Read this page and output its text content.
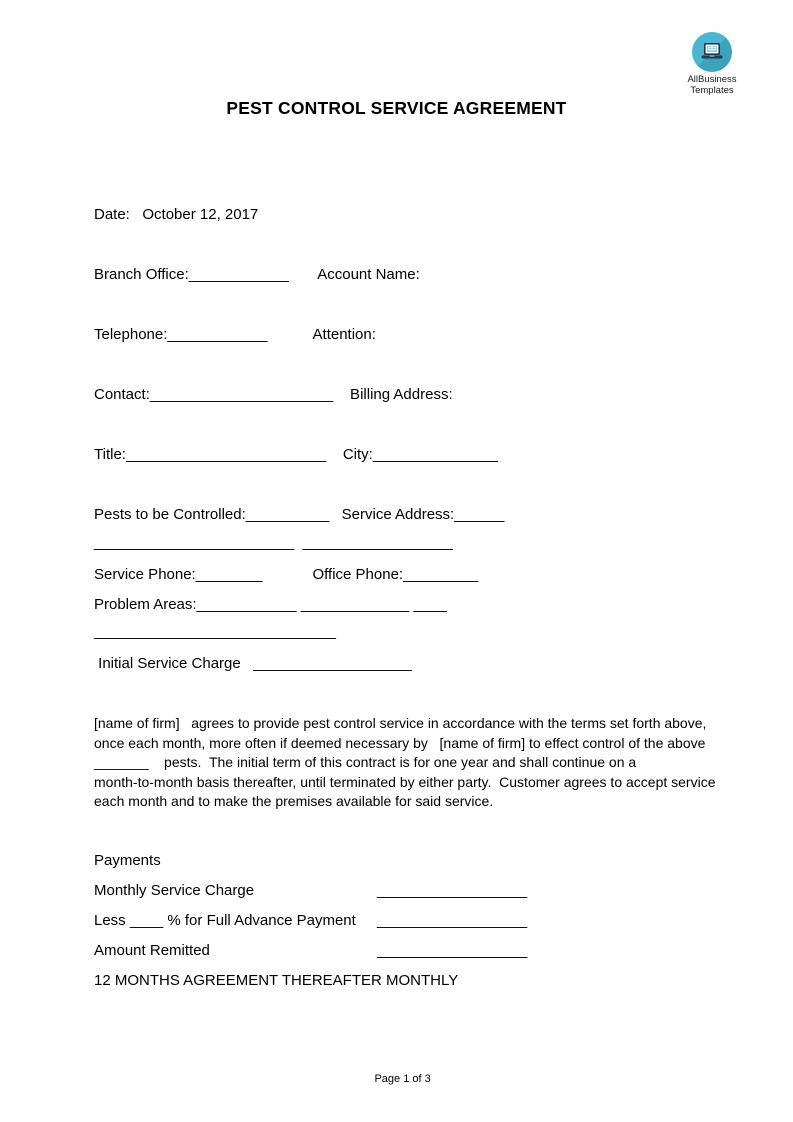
AllBusiness
Templates
PEST CONTROL SERVICE AGREEMENT
Date:   October 12, 2017
Branch Office:____________       Account Name:
Telephone:____________           Attention:
Contact:______________________    Billing Address:
Title:________________________    City:_______________
Pests to be Controlled:__________   Service Address:______
________________________  __________________
Service Phone:________            Office Phone:_________
Problem Areas:____________ _____________ ____
_____________________________
Initial Service Charge   ___________________
[name of firm]   agrees to provide pest control service in accordance with the terms set forth above,
once each month, more often if deemed necessary by   [name of firm] to effect control of the above
_______    pests.  The initial term of this contract is for one year and shall continue on a
month-to-month basis thereafter, until terminated by either party.  Customer agrees to accept service
each month and to make the premises available for said service.
Payments
Monthly Service Charge	__________________
Less ____ % for Full Advance Payment	__________________
Amount Remitted	__________________
12 MONTHS AGREEMENT THEREAFTER MONTHLY

Page 1 of 3
